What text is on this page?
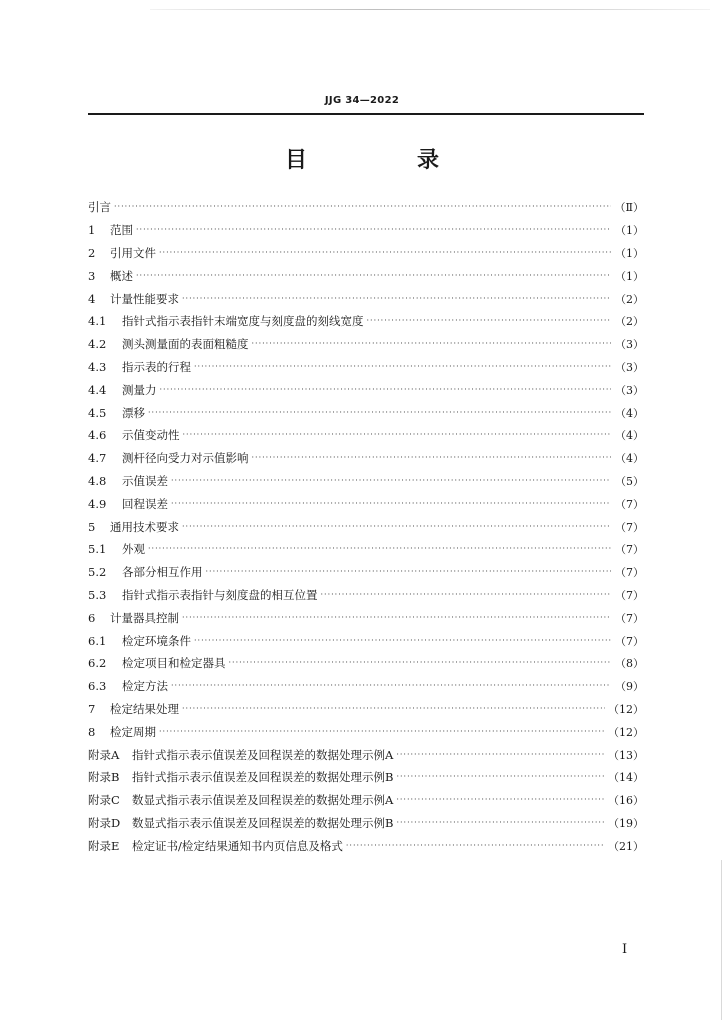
JJG 34—2022
目　录
引言 ·····	（Ⅱ）
1	范围 ·····	（1）
2	引用文件 ·····	（1）
3	概述 ·····	（1）
4	计量性能要求 ·····	（2）
4.1	指针式指示表指针末端宽度与刻度盘的刻线宽度 ·····	（2）
4.2	测头测量面的表面粗糙度 ·····	（3）
4.3	指示表的行程 ·····	（3）
4.4	测量力 ·····	（3）
4.5	漂移 ·····	（4）
4.6	示值变动性 ·····	（4）
4.7	测杆径向受力对示值影响 ·····	（4）
4.8	示值误差 ·····	（5）
4.9	回程误差 ·····	（7）
5	通用技术要求 ·····	（7）
5.1	外观 ·····	（7）
5.2	各部分相互作用 ·····	（7）
5.3	指针式指示表指针与刻度盘的相互位置 ·····	（7）
6	计量器具控制 ·····	（7）
6.1	检定环境条件 ·····	（7）
6.2	检定项目和检定器具 ·····	（8）
6.3	检定方法 ·····	（9）
7	检定结果处理 ·····	（12）
8	检定周期 ·····	（12）
附录A	指针式指示表示值误差及回程误差的数据处理示例A ·····	（13）
附录B	指针式指示表示值误差及回程误差的数据处理示例B ·····	（14）
附录C	数显式指示表示值误差及回程误差的数据处理示例A ·····	（16）
附录D	数显式指示表示值误差及回程误差的数据处理示例B ·····	（19）
附录E	检定证书/检定结果通知书内页信息及格式 ·····	（21）
I
